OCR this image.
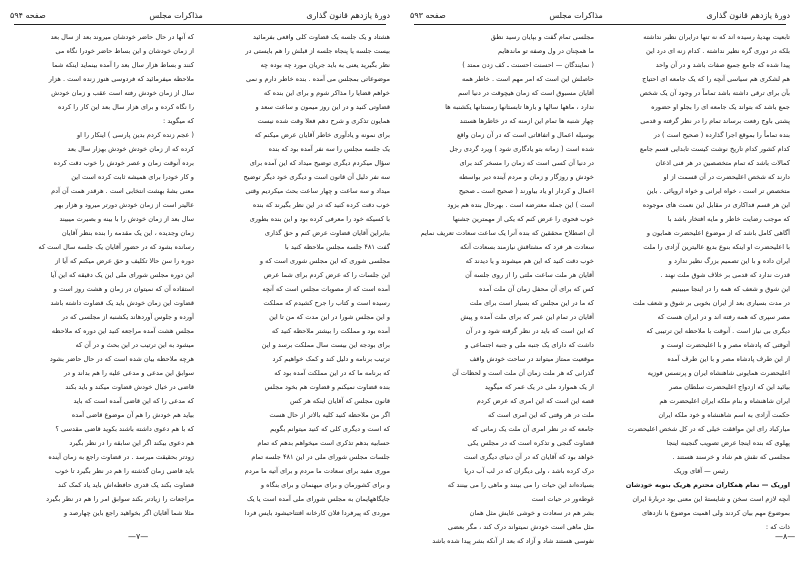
دورهٔ یازدهم قانون گذاری
مذاکرات مجلس
صفحه ۵۹۴
هشتاد و یک جلسه یک قضاوت کلی واقعی بفرمائید
بیست جلسه یا پنجاه جلسه از قبلش را هم بایستی در
نظر بگیرید یعنی به باید جریان مورد چه بوده چه
موضوعاتی بمجلس می آمده . بنده خاطر دارم و نمی
خواهم قضایا را مذاکر شوم و برای این بنده که
قضاوتی کنید و در این روز میمون و ساعت سعد و
همایون تذکری و شرح دهم فعلا وقت شده نیست
برای نمونه و یادآوری خاطر آقایان عرض میکنم که
یک جلسه مجلس را سه نفر آمده بود که بنده
سؤال میکردم دیگری توضیح میداد که این آمده برای
سه نفر دلیل آن قانون است و دیگری خود دیگر توضیح
میداد و سه ساعت و چهار ساعت بحث میکردیم وقتی
خوب دقت کرده کنید که در این نظر بگیرند که بنده
با کسیکه خود را معرفی کرده بود و این بنده بطوری
بنابراین آقایان قضاوت عرض کنم و حق گذاری
گفت ۴۸۱ جلسه مجلس ملاحظه کنید با
مجلسی شوری که این مجلس شوری است که و
این جلسات را که عرض کردم برای شما عرض
آمده است که از مصوبات مجلس است که آنچه
رسیده است و کتاب را جرح کشیدم که مملکت
و این مجلس شورا در این مدت که من تا این
آمده بود و مملکت را بیشتر ملاحظه کنید که
برای بودجه این بیست سال مملکت برسد و این
ترتیب برنامه و دلیل کند و کمک خواهیم کرد
که برنامه ما که در این مملکت آمده بود که
بنده قضاوت نمیکنم و قضاوت هم بخود مجلس
قانون مجلس که آقایان اینکه هر کس
اگر من ملاحظه کنید کلیه بالاتر از حال هست
که است و دیگری کلی که کنید میتوانم بگویم
حسابیه بدهم تذکری است میخواهم بدهم که تمام
جلسات مجلس شورای ملی در این ۴۸۱ جلسه تمام
موری مفید برای سعادت ما مردم و برای آتیه ما مردم
و برای کشورمان و برای میهنمان و برای بنگاه و
جایگاههایمان به مجلس شورای ملی آمده است یا یک
موردی که پیرفردا فلان کارخانه افتتاحیشود بایس فردا
که آنها در حال حاضر خودشان میروند بعد از سال بعد
از زمان خودشان و این بساط حاضر خودرا نگاه می
کنند و بساط هزار سال بعد را آمده بینماید اینکه شما
ملاحظه میفرمائید که فردوسی هنوز زنده است . هزار
سال از زمان خودش رفته است عقب و زمان خودش
را نگاه کرده و برای هزار سال بعد این کار را کرده
که میگوید :
( عجم زنده کردم بدین پارسی ) اینکار را او
کرده که از زمان خودش خودش بهزار سال بعد
برده آنوقت زمان و عصر خودش را خوب دقت کرده
و کار خودرا برای همیشه ثابت کرده است این
معنی بشهٔ بهشت انتخابی است . هرقدر همت آن آدم
عالیتر است از زمان خودش دورتر میرود و هزار بهر
سال بعد از زمان خودش را با بینه و بصیرت میبیند
زمان وجدیده ، این یک مقدمه را بنده بنظر آقایان
رسانده بشود که در حضور آقایان یک جلسه سال است که
دوره را سن حالا تکلیف و حق عرض میکنم که آیا از
این دوره مجلس شورای ملی این یک دقیقه که این آیا
استفاده آن که نمیتوان در زمان و هشت روز است و
قضاوت این زمان خودش باید یک قضاوت داشته باشد
آورده و جلوس آوردهاند یکشنبه از مجلسی که در
مجلس هشت آمده مراجعه کنید این دوره که ملاحظه
میشود به این ترتیب در این بحث و در آن که
هرچه ملاحظه بیان شده است که در حال حاضر بشود
سوابق این مدعی و مدعی علیه را هم بداند و در
قاضی در خیال خودش قضاوت میکند و باید بکند
که مدعی را که این قاضی آمده است که باید
بیاید هم خودش را هم آن موضوع قاضی آمده
که با هم دعوی داشته باشند بکوید قاضی مقدسی ؟
هم دعوی بیکند اگر این سابقه را در نظر بگیرد
زودتر بحقیقت میرسد . در قضاوت راجع به زمان آینده
باید قاضی زمان گذشته را هم در نظر بگیرد تا خوب
قضاوت بکند یک قدری حافظه‌اش باید یاد کمک کند
مراجعات را زیادتر بکند سوابق امر را هم در نظر بگیرد
مثلا شما آقایان اگر بخواهید راجع باین چهارصد و
—۷—
دورهٔ یازدهم قانون گذاری
مذاکرات مجلس
صفحه ۵۹۳
تابعیت بهدیهٔ رسیده اند که نه تنها درایران نظیر نداشته
بلکه در دوری گره نظیر نداشته . کدام زنه ای درد این
پیدا شده که جامع جمیع صفات باشد و در آن واحد
هم لشکری هم سیاسی آنچه را که یک جامعه ای احتیاج
بآن برای ترقی داشته باشد تماماً در وجود آن یک شخص
جمع باشد که بتواند یک جامعه ای را بجلو او حضوره
پشتی باوج رفعت برساند تمام را در نظر گرفته و قدمی
بنده تماماً را بموقع اجرا گذارده ( صحیح است ) در
کدام کشور کدام تاریخ نوشت کیست تابدایی قسم جامع
کمالات باشد که تمام متخصصین در هر فنی اذعان
دارند که شخص اعلیحضرت در آن قسمت از او
متخصص تر است ، خواه ایرانی و خواه اروپائی . باین
این هر قسم فداکاری در مقابل این نعمت های موجوده
که موجب رضایت خاطر و مایه افتخار باشد با
آگاهی کامل باشد که از موضوع اعلیحضرت همایون و
با اعلیحضرت او اینکه بنوع بدیع عالیترین آزادی را ملت
ایران داده و با این تصمیم بزرگ نظیر ندارد و
قدرت ندارد که قدمی بر خلاف شوق ملت نهند .
این شوق و شعف که همه را در اینجا میبینیم
در مدت بسیاری بعد از ایران بخوبی بر شوق و شعف ملت
مصر سپری که همه رفته اند و در ایران هست که
دیگری بی نیاز است . آنوقت با ملاحظه این ترتیبی که
آتوقتی که پادشاه مصر و با اعلیحضرت اوست و
از این طرف پادشاه مصر و با این طرف آمده
اعلیحضرت همایونی شاهنشاه ایران و پرنسس فوزیه
بیائید این که ازدواج اعلیحضرت سلطان مصر
ایران شاهنشاه و بنام ملکه ایران اعلیحضرت هم
حکمت آزادی به اسم شاهنشاه و خود ملکه ایران
میارکباد رای این موافقت خیلی که در کل شخص اعلیحضرت
پهلوی که بنده اینجا عرض تصویب گنجینه اینجا
مجلسی که نقش هم شاد و خرسند هستند .
رئیس — آقای وریک
اوریک — تمام همکاران محترم هریک بنوبه خودشان
آنچه لازم است سخن و شایستهٔ این معنی بود دربارهٔ ایران
بموضوع مهم بیان کردند ولی اهمیت موضوع با نازدهای
ذات که :
مجلسی تمام گفت و بپایان رسید نطق
ما همچنان در ول وصفه تو ماندهایم
( نمایندگان — احسنت احسنت ـ کف زدن ممتد )
حاصلش این است که امر مهم است . خاطر همه
آقایان مسبوق است که زمان هیچوقت در دنیا اسم
ندارد ، ماهها سالها و بارها تابستانها زمستانها یکشنبه ها
چهار شنبه ها تمام این ازمنه که در خاطرها هستند
بوسیله اعمال و اتفاقاتی است که در آن زمان واقع
شده است ( زمانه بتو یادگاری شود ) ویرد گردی رجل
در دنیا آن کسی است که زمان را مسخر کند برای
خودش و روزگار و زمان و مردم آینده دیر بواسطه
اعمال و کردار او یاد بیاورند ( صحیح است ـ صحیح
است ) این جمله معترضه است . بهرحال بنده هم بزود
خوب فحوی را عرض کنم که یکی از مهمترین جشنها
آن اصطلاح محققین که بنده آنرا یک ساعت سعادت تعریف نمایم
سعادت هر فرد که مشتاقش نیازمند بسعادت آنکه
خوب دقت کنید که این هم میشوند و یا دیدند که
آقایان هر ملت ساعت ملتی را از روی جلسه آن
کس که برای آن محفل زمان آن ملت آمده
که ما در این مجلس که بسیار است برای ملت
آقایان در تمام این عمر که برای ملت آمده و پیش
که این است که باید در نظر گرفته شود و در آن
داشت که دارای یک جنبه ملی و جنبه اجتماعی و
موقعیت ممتاز میتواند در ساحت خودش واقف
گذرانی که هر ملت زمان آن ملت است و لحظات آن
از یک هموارد ملی در یک عمر که میگوید
قصه این است که این امری که عرض کردم
ملت در هر وقتی که این امری است که
جامعه که در نظر امری آن ملت یک زمانی که
قضاوت گنجی و تذکره است که در مجلس یکی
خواهد بود که آقایان که در آن دنیای دیگری است
درک کرده باشد ، ولی دیگران که در لب آب دریا
بسیاده‌اند این حیات را می بینند و ماهی را می بینند که
غوطه‌ور در حیات است
بشر هم در سعادت و خوشی عایش مثل همان
مثل ماهی است خودش نمیتواند درک کند ، مگر بعضی
نفوسی هستند شاد و آزاد که بعد از آنکه بشر پیدا شده باشد	—۸—
